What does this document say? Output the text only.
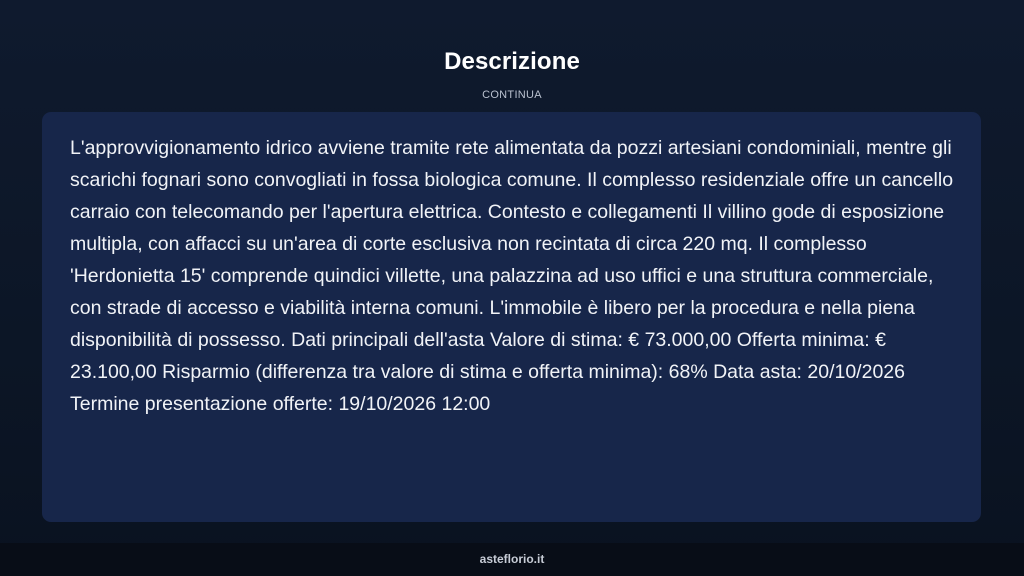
Descrizione
CONTINUA

L'approvvigionamento idrico avviene tramite rete alimentata da pozzi artesiani condominiali, mentre gli scarichi fognari sono convogliati in fossa biologica comune. Il complesso residenziale offre un cancello carraio con telecomando per l'apertura elettrica. Contesto e collegamenti Il villino gode di esposizione multipla, con affacci su un'area di corte esclusiva non recintata di circa 220 mq. Il complesso 'Herdonietta 15' comprende quindici villette, una palazzina ad uso uffici e una struttura commerciale, con strade di accesso e viabilità interna comuni. L'immobile è libero per la procedura e nella piena disponibilità di possesso. Dati principali dell'asta Valore di stima: € 73.000,00 Offerta minima: € 23.100,00 Risparmio (differenza tra valore di stima e offerta minima): 68% Data asta: 20/10/2026 Termine presentazione offerte: 19/10/2026 12:00

asteflorio.it
